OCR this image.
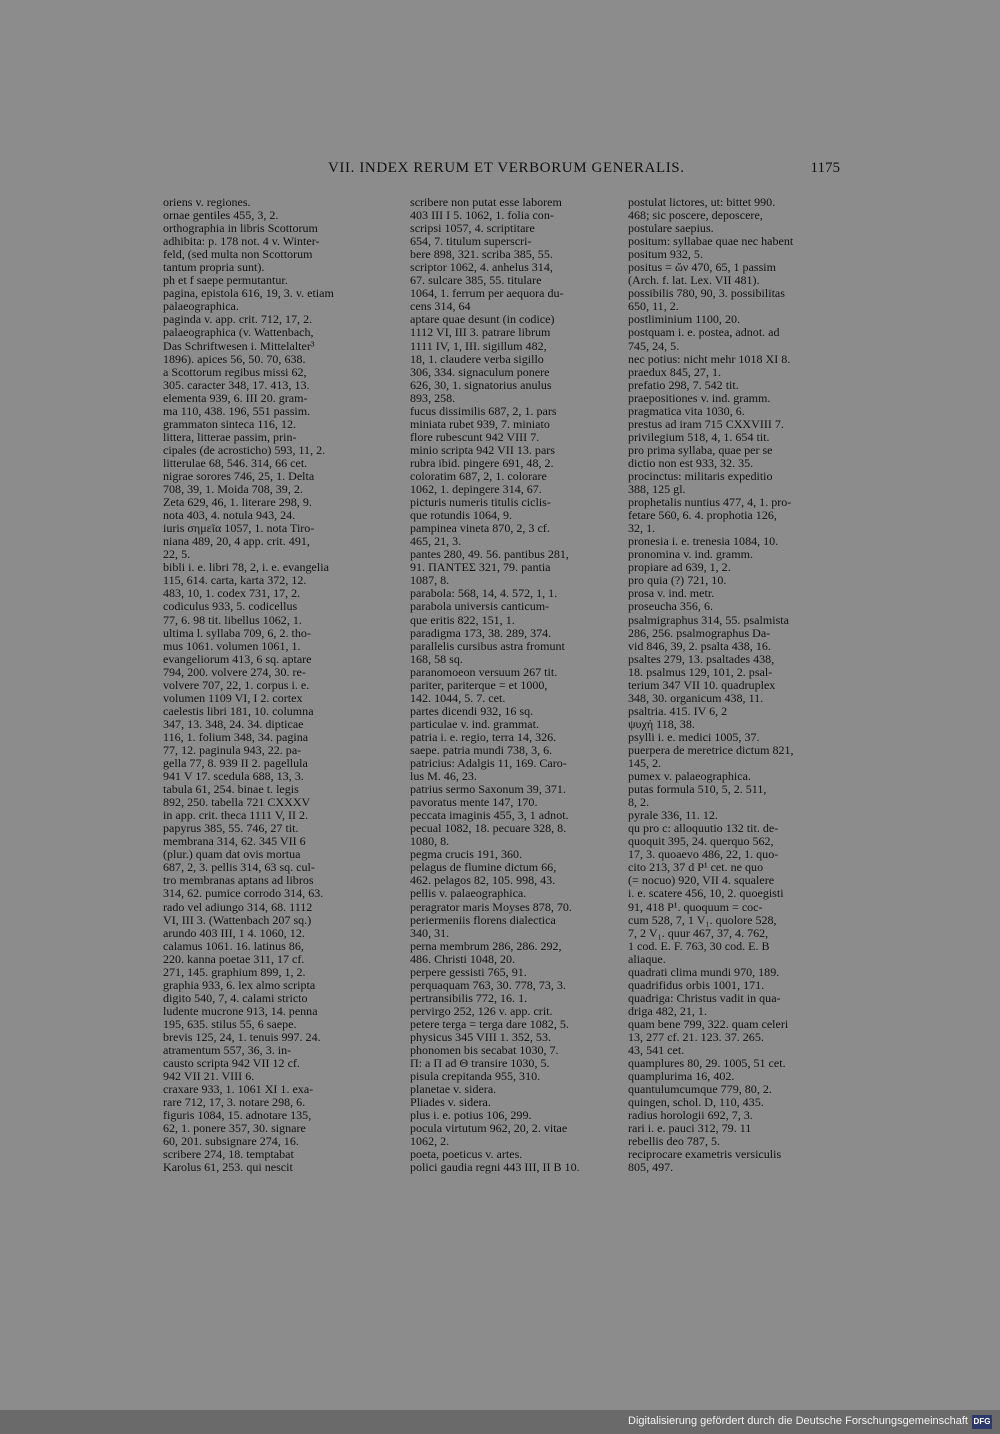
VII. INDEX RERUM ET VERBORUM GENERALIS.	1175
oriens v. regiones.
ornae gentiles 455, 3, 2.
orthographia in libris Scottorum
adhibita: p. 178 not. 4 v. Winter-
feld, (sed multa non Scottorum
tantum propria sunt).
ph et f saepe permutantur.
pagina, epistola 616, 19, 3. v. etiam
palaeographica.
paginda v. app. crit. 712, 17, 2.
palaeographica (v. Wattenbach,
Das Schriftwesen i. Mittelalter³
1896). apices 56, 50. 70, 638.
a Scottorum regibus missi 62,
305. caracter 348, 17. 413, 13.
elementa 939, 6. III 20. gram-
ma 110, 438. 196, 551 passim.
grammaton sinteca 116, 12.
littera, litterae passim, prin-
cipales (de acrosticho) 593, 11, 2.
litterulae 68, 546. 314, 66 cet.
nigrae sorores 746, 25, 1. Delta
708, 39, 1. Moida 708, 39, 2.
Zeta 629, 46, 1. literare 298, 9.
nota 403, 4. notula 943, 24.
iuris σημεῖα 1057, 1. nota Tiro-
niana 489, 20, 4 app. crit. 491,
22, 5.
bibli i. e. libri 78, 2, i. e. evangelia
115, 614. carta, karta 372, 12.
483, 10, 1. codex 731, 17, 2.
codiculus 933, 5. codicellus
77, 6. 98 tit. libellus 1062, 1.
ultima l. syllaba 709, 6, 2. tho-
mus 1061. volumen 1061, 1.
evangeliorum 413, 6 sq. aptare
794, 200. volvere 274, 30. re-
volvere 707, 22, 1. corpus i. e.
volumen 1109 VI, I 2. cortex
caelestis libri 181, 10. columna
347, 13. 348, 24. 34. dipticae
116, 1. folium 348, 34. pagina
77, 12. paginula 943, 22. pa-
gella 77, 8. 939 II 2. pagellula
941 V 17. scedula 688, 13, 3.
tabula 61, 254. binae t. legis
892, 250. tabella 721 CXXXV
in app. crit. theca 1111 V, II 2.
papyrus 385, 55. 746, 27 tit.
membrana 314, 62. 345 VII 6
(plur.) quam dat ovis mortua
687, 2, 3. pellis 314, 63 sq. cul-
tro membranas aptans ad libros
314, 62. pumice corrodo 314, 63.
rado vel adiungo 314, 68. 1112
VI, III 3. (Wattenbach 207 sq.)
arundo 403 III, 1 4. 1060, 12.
calamus 1061. 16. latinus 86,
220. kanna poetae 311, 17 cf.
271, 145. graphium 899, 1, 2.
graphia 933, 6. lex almo scripta
digito 540, 7, 4. calami stricto
ludente mucrone 913, 14. penna
195, 635. stilus 55, 6 saepe.
brevis 125, 24, 1. tenuis 997. 24.
atramentum 557, 36, 3. in-
causto scripta 942 VII 12 cf.
942 VII 21. VIII 6.
craxare 933, 1. 1061 XI 1. exa-
rare 712, 17, 3. notare 298, 6.
figuris 1084, 15. adnotare 135,
62, 1. ponere 357, 30. signare
60, 201. subsignare 274, 16.
scribere 274, 18. temptabat
Karolus 61, 253. qui nescit
scribere non putat esse laborem
403 III I 5. 1062, 1. folia con-
scripsi 1057, 4. scriptitare
654, 7. titulum superscri-
bere 898, 321. scriba 385, 55.
scriptor 1062, 4. anhelus 314,
67. sulcare 385, 55. titulare
1064, 1. ferrum per aequora du-
cens 314, 64
aptare quae desunt (in codice)
1112 VI, III 3. patrare librum
1111 IV, 1, III. sigillum 482,
18, 1. claudere verba sigillo
306, 334. signaculum ponere
626, 30, 1. signatorius anulus
893, 258.
fucus dissimilis 687, 2, 1. pars
miniata rubet 939, 7. miniato
flore rubescunt 942 VIII 7.
minio scripta 942 VII 13. pars
rubra ibid. pingere 691, 48, 2.
coloratim 687, 2, 1. colorare
1062, 1. depingere 314, 67.
picturis numeris titulis ciclis-
que rotundis 1064, 9.
pampinea vineta 870, 2, 3 cf.
465, 21, 3.
pantes 280, 49. 56. pantibus 281,
91. ΠΑΝΤΕΣ 321, 79. pantia
1087, 8.
parabola: 568, 14, 4. 572, 1, 1.
parabola universis canticum-
que eritis 822, 151, 1.
paradigma 173, 38. 289, 374.
parallelis cursibus astra fromunt
168, 58 sq.
paranomoeon versuum 267 tit.
pariter, pariterque = et 1000,
142. 1044, 5. 7. cet.
partes dicendi 932, 16 sq.
particulae v. ind. grammat.
patria i. e. regio, terra 14, 326.
saepe. patria mundi 738, 3, 6.
patricius: Adalgis 11, 169. Caro-
lus M. 46, 23.
patrius sermo Saxonum 39, 371.
pavoratus mente 147, 170.
peccata imaginis 455, 3, 1 adnot.
pecual 1082, 18. pecuare 328, 8.
1080, 8.
pegma crucis 191, 360.
pelagus de flumine dictum 66,
462. pelagos 82, 105. 998, 43.
pellis v. palaeographica.
peragrator maris Moyses 878, 70.
periermeniis florens dialectica
340, 31.
perna membrum 286, 286. 292,
486. Christi 1048, 20.
perpere gessisti 765, 91.
perquaquam 763, 30. 778, 73, 3.
pertransibilis 772, 16. 1.
pervirgo 252, 126 v. app. crit.
petere terga = terga dare 1082, 5.
physicus 345 VIII 1. 352, 53.
phonomen bis secabat 1030, 7.
Π: a Π ad Θ transire 1030, 5.
pisula crepitanda 955, 310.
planetae v. sidera.
Pliades v. sidera.
plus i. e. potius 106, 299.
pocula virtutum 962, 20, 2. vitae
1062, 2.
poeta, poeticus v. artes.
polici gaudia regni 443 III, II B 10.
postulat lictores, ut: bittet 990.
468; sic poscere, deposcere,
postulare saepius.
positum: syllabae quae nec habent
positum 932, 5.
positus = ὤν 470, 65, 1 passim
(Arch. f. lat. Lex. VII 481).
possibilis 780, 90, 3. possibilitas
650, 11, 2.
postliminium 1100, 20.
postquam i. e. postea, adnot. ad
745, 24, 5.
nec potius: nicht mehr 1018 XI 8.
praedux 845, 27, 1.
prefatio 298, 7. 542 tit.
praepositiones v. ind. gramm.
pragmatica vita 1030, 6.
prestus ad iram 715 CXXVIII 7.
privilegium 518, 4, 1. 654 tit.
pro prima syllaba, quae per se
dictio non est 933, 32. 35.
procinctus: militaris expeditio
388, 125 gl.
prophetalis nuntius 477, 4, 1. pro-
fetare 560, 6. 4. prophotia 126,
32, 1.
pronesia i. e. trenesia 1084, 10.
pronomina v. ind. gramm.
propiare ad 639, 1, 2.
pro quia (?) 721, 10.
prosa v. ind. metr.
proseucha 356, 6.
psalmigraphus 314, 55. psalmista
286, 256. psalmographus Da-
vid 846, 39, 2. psalta 438, 16.
psaltes 279, 13. psaltades 438,
18. psalmus 129, 101, 2. psal-
terium 347 VII 10. quadruplex
348, 30. organicum 438, 11.
psaltria. 415. IV 6, 2
ψυχή 118, 38.
psylli i. e. medici 1005, 37.
puerpera de meretrice dictum 821,
145, 2.
pumex v. palaeographica.
putas formula 510, 5, 2. 511,
8, 2.
pyrale 336, 11. 12.
qu pro c: alloquutio 132 tit. de-
quoquit 395, 24. querquo 562,
17, 3. quoaevo 486, 22, 1. quo-
cito 213, 37 d P¹ cet. ne quo
(= nocuo) 920, VII 4. squalere
i. e. scatere 456, 10, 2. quoegisti
91, 418 P¹. quoquum = coc-
cum 528, 7, 1 V₁. quolore 528,
7, 2 V₁. quur 467, 37, 4. 762,
1 cod. E. F. 763, 30 cod. E. B
aliaque.
quadrati clima mundi 970, 189.
quadrifidus orbis 1001, 171.
quadriga: Christus vadit in qua-
driga 482, 21, 1.
quam bene 799, 322. quam celeri
13, 277 cf. 21. 123. 37. 265.
43, 541 cet.
quamplures 80, 29. 1005, 51 cet.
quamplurima 16, 402.
quantulumcumque 779, 80, 2.
quingen, schol. D, 110, 435.
radius horologii 692, 7, 3.
rari i. e. pauci 312, 79. 11
rebellis deo 787, 5.
reciprocare exametris versiculis
805, 497.
Digitalisierung gefördert durch die Deutsche Forschungsgemeinschaft DFG
